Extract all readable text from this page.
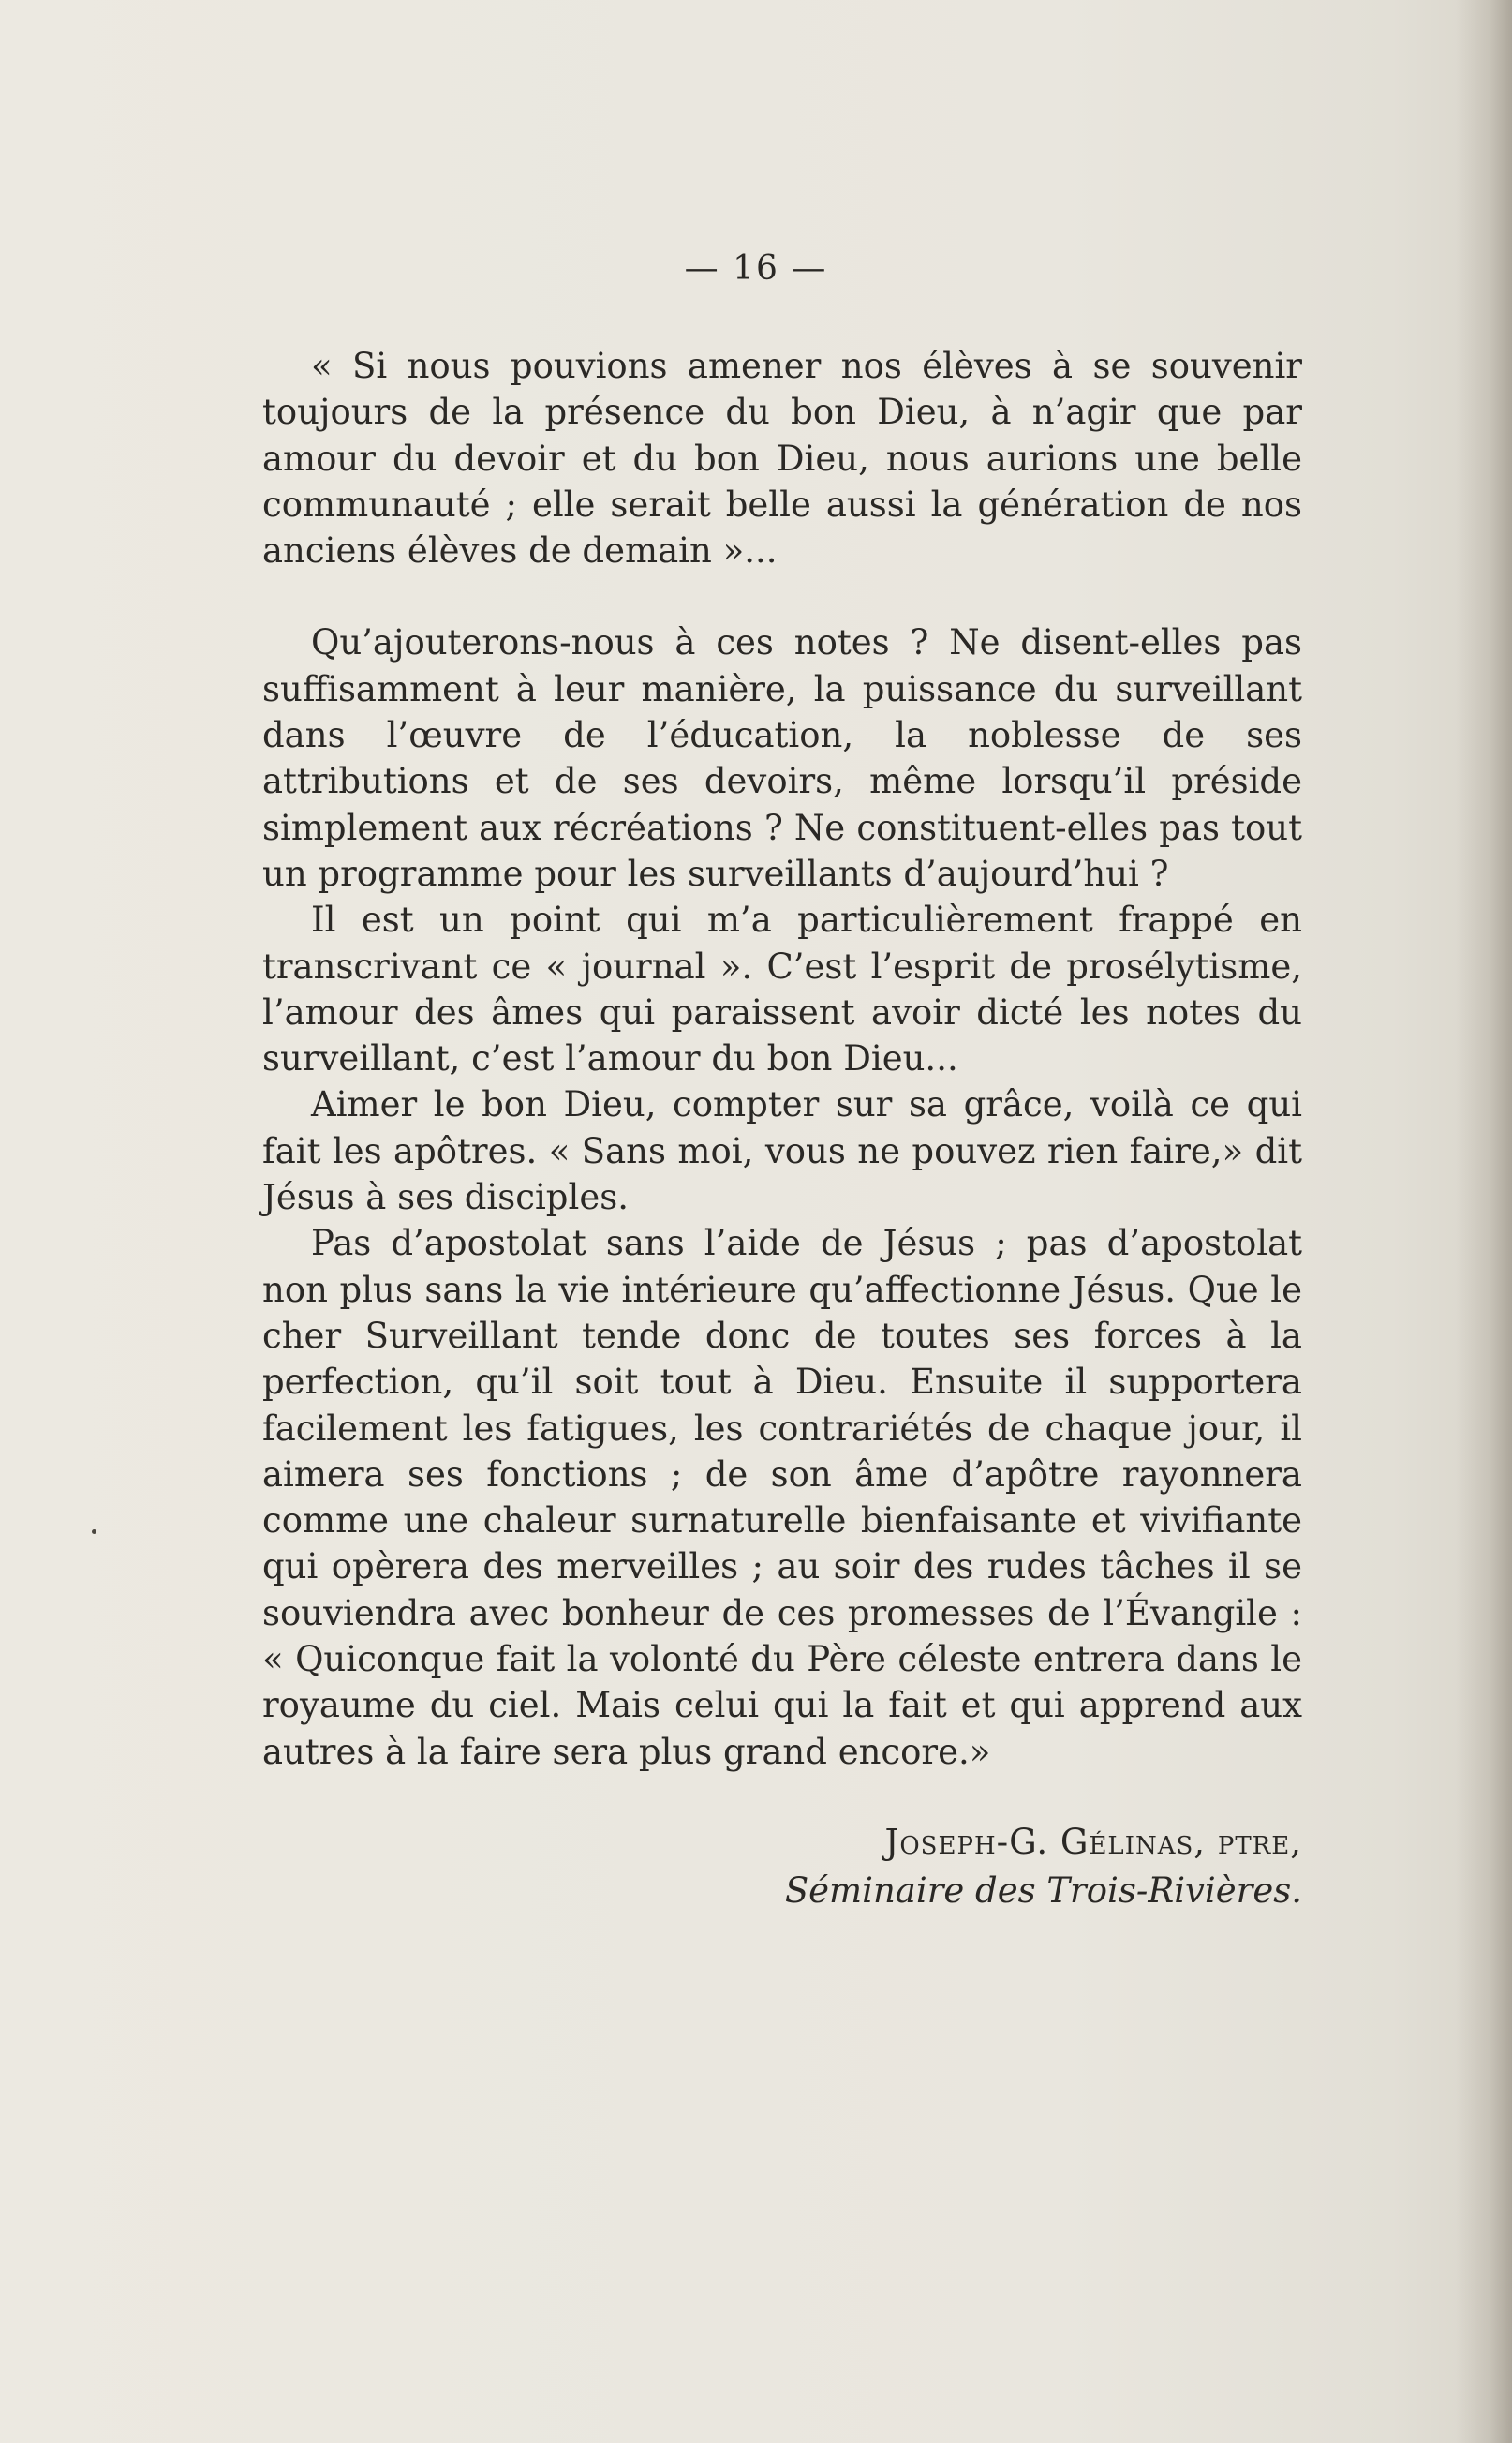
— 16 —

« Si nous pouvions amener nos élèves à se souvenir toujours de la présence du bon Dieu, à n’agir que par amour du devoir et du bon Dieu, nous aurions une belle communauté ; elle serait belle aussi la génération de nos anciens élèves de demain »...

Qu’ajouterons-nous à ces notes ? Ne disent-elles pas suffisamment à leur manière, la puissance du surveillant dans l’œuvre de l’éducation, la noblesse de ses attributions et de ses devoirs, même lorsqu’il préside simplement aux récréations ? Ne constituent-elles pas tout un programme pour les surveillants d’aujourd’hui ?

Il est un point qui m’a particulièrement frappé en transcrivant ce « journal ». C’est l’esprit de prosélytisme, l’amour des âmes qui paraissent avoir dicté les notes du surveillant, c’est l’amour du bon Dieu...

Aimer le bon Dieu, compter sur sa grâce, voilà ce qui fait les apôtres. « Sans moi, vous ne pouvez rien faire,» dit Jésus à ses disciples.

Pas d’apostolat sans l’aide de Jésus ; pas d’apostolat non plus sans la vie intérieure qu’affectionne Jésus. Que le cher Surveillant tende donc de toutes ses forces à la perfection, qu’il soit tout à Dieu. Ensuite il supportera facilement les fatigues, les contrariétés de chaque jour, il aimera ses fonctions ; de son âme d’apôtre rayonnera comme une chaleur surnaturelle bienfaisante et vivifiante qui opèrera des merveilles ; au soir des rudes tâches il se souviendra avec bonheur de ces promesses de l’Évangile : « Quiconque fait la volonté du Père céleste entrera dans le royaume du ciel. Mais celui qui la fait et qui apprend aux autres à la faire sera plus grand encore.»

Joseph-G. Gélinas, ptre,
Séminaire des Trois-Rivières.
